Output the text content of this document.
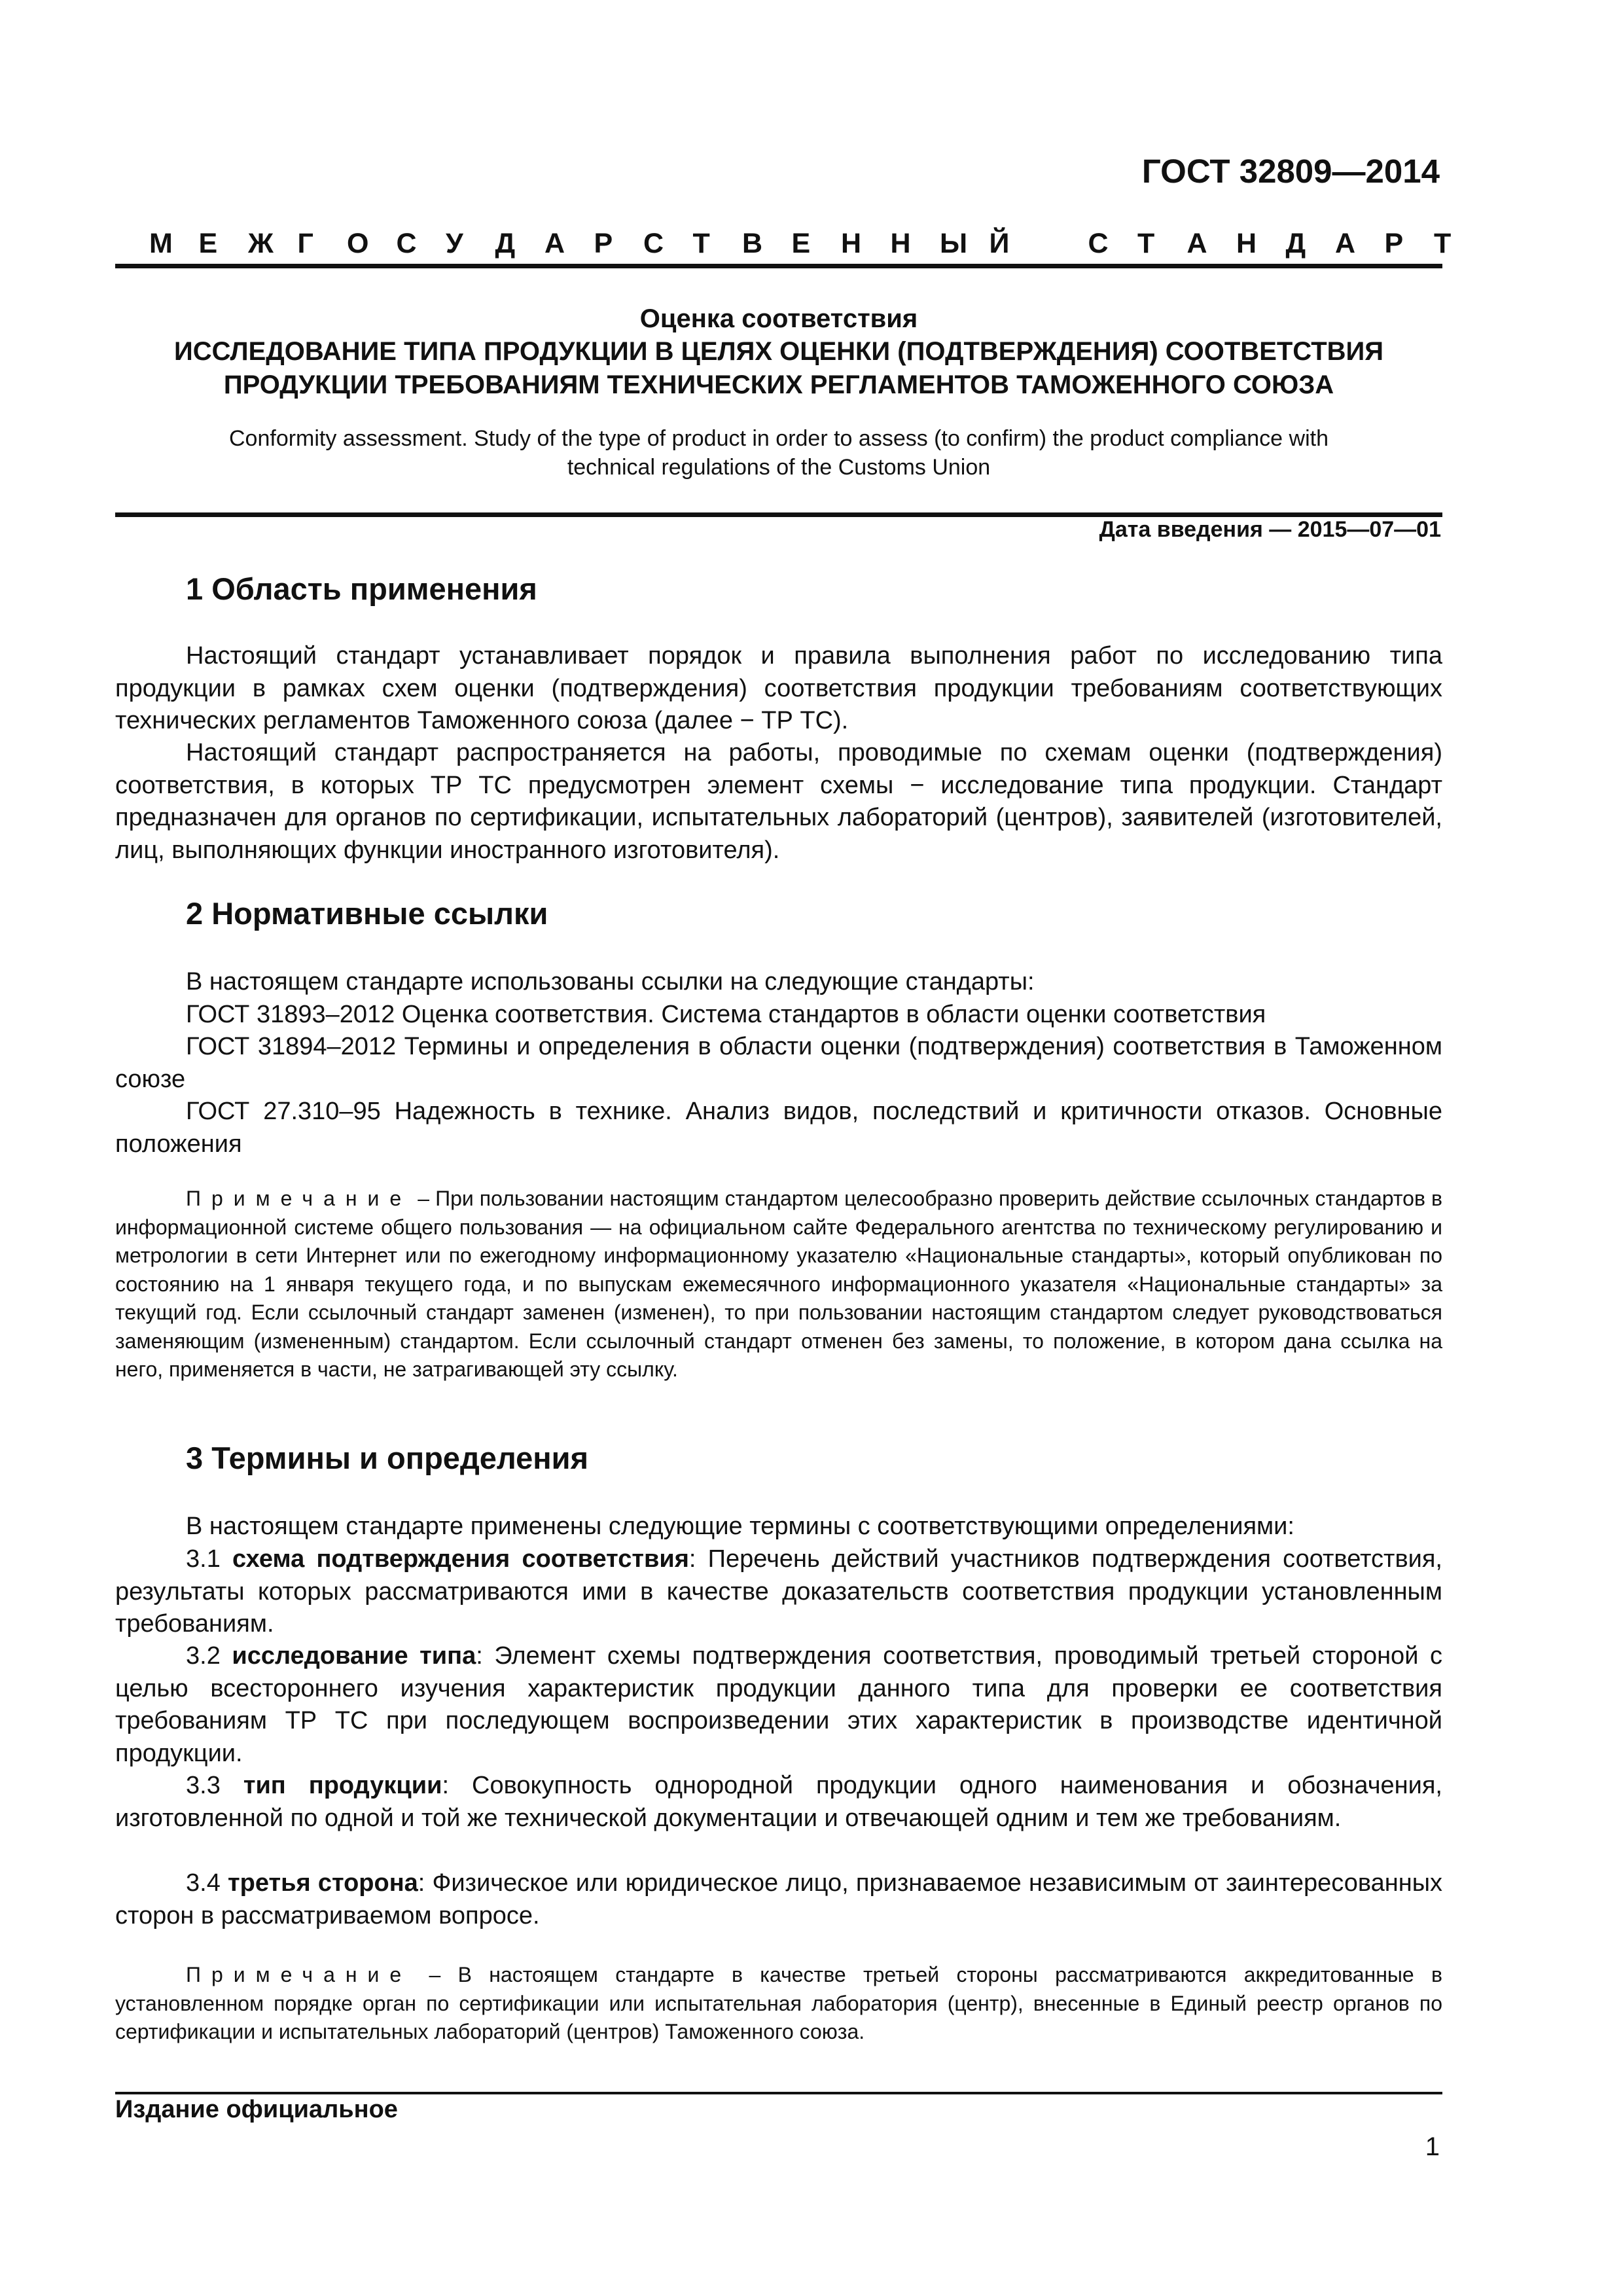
ГОСТ 32809—2014
М Е Ж Г О С У Д А Р С Т В Е Н Н Ы Й	С Т А Н Д А Р Т
Оценка соответствия
ИССЛЕДОВАНИЕ ТИПА ПРОДУКЦИИ В ЦЕЛЯХ ОЦЕНКИ (ПОДТВЕРЖДЕНИЯ) СООТВЕТСТВИЯ
ПРОДУКЦИИ ТРЕБОВАНИЯМ ТЕХНИЧЕСКИХ РЕГЛАМЕНТОВ ТАМОЖЕННОГО СОЮЗА
Conformity assessment. Study of the type of product in order to assess (to confirm) the product compliance with
technical regulations of the Customs Union
Дата введения — 2015—07—01
1 Область применения
Настоящий стандарт устанавливает порядок и правила выполнения работ по исследованию типа продукции в рамках схем оценки (подтверждения) соответствия продукции требованиям соответствующих технических регламентов Таможенного союза (далее − ТР ТС).
Настоящий стандарт распространяется на работы, проводимые по схемам оценки (подтверждения) соответствия, в которых ТР ТС предусмотрен элемент схемы − исследование типа продукции. Стандарт предназначен для органов по сертификации, испытательных лабораторий (центров), заявителей (изготовителей, лиц, выполняющих функции иностранного изготовителя).
2 Нормативные ссылки
В настоящем стандарте использованы ссылки на следующие стандарты:
ГОСТ 31893–2012 Оценка соответствия. Система стандартов в области оценки соответствия
ГОСТ 31894–2012 Термины и определения в области оценки (подтверждения) соответствия в Таможенном союзе
ГОСТ 27.310–95 Надежность в технике. Анализ видов, последствий и критичности отказов. Основные положения
Примечание – При пользовании настоящим стандартом целесообразно проверить действие ссылочных стандартов в информационной системе общего пользования — на официальном сайте Федерального агентства по техническому регулированию и метрологии в сети Интернет или по ежегодному информационному указателю «Национальные стандарты», который опубликован по состоянию на 1 января текущего года, и по выпускам ежемесячного информационного указателя «Национальные стандарты» за текущий год. Если ссылочный стандарт заменен (изменен), то при пользовании настоящим стандартом следует руководствоваться заменяющим (измененным) стандартом. Если ссылочный стандарт отменен без замены, то положение, в котором дана ссылка на него, применяется в части, не затрагивающей эту ссылку.
3 Термины и определения
В настоящем стандарте применены следующие термины с соответствующими определениями:
3.1 схема подтверждения соответствия: Перечень действий участников подтверждения соответствия, результаты которых рассматриваются ими в качестве доказательств соответствия продукции установленным требованиям.
3.2 исследование типа: Элемент схемы подтверждения соответствия, проводимый третьей стороной с целью всестороннего изучения характеристик продукции данного типа для проверки ее соответствия требованиям ТР ТС при последующем воспроизведении этих характеристик в производстве идентичной продукции.
3.3 тип продукции: Совокупность однородной продукции одного наименования и обозначения, изготовленной по одной и той же технической документации и отвечающей одним и тем же требованиям.
3.4 третья сторона: Физическое или юридическое лицо, признаваемое независимым от заинтересованных сторон в рассматриваемом вопросе.
Примечание – В настоящем стандарте в качестве третьей стороны рассматриваются аккредитованные в установленном порядке орган по сертификации или испытательная лаборатория (центр), внесенные в Единый реестр органов по сертификации и испытательных лабораторий (центров) Таможенного союза.
Издание официальное
1
